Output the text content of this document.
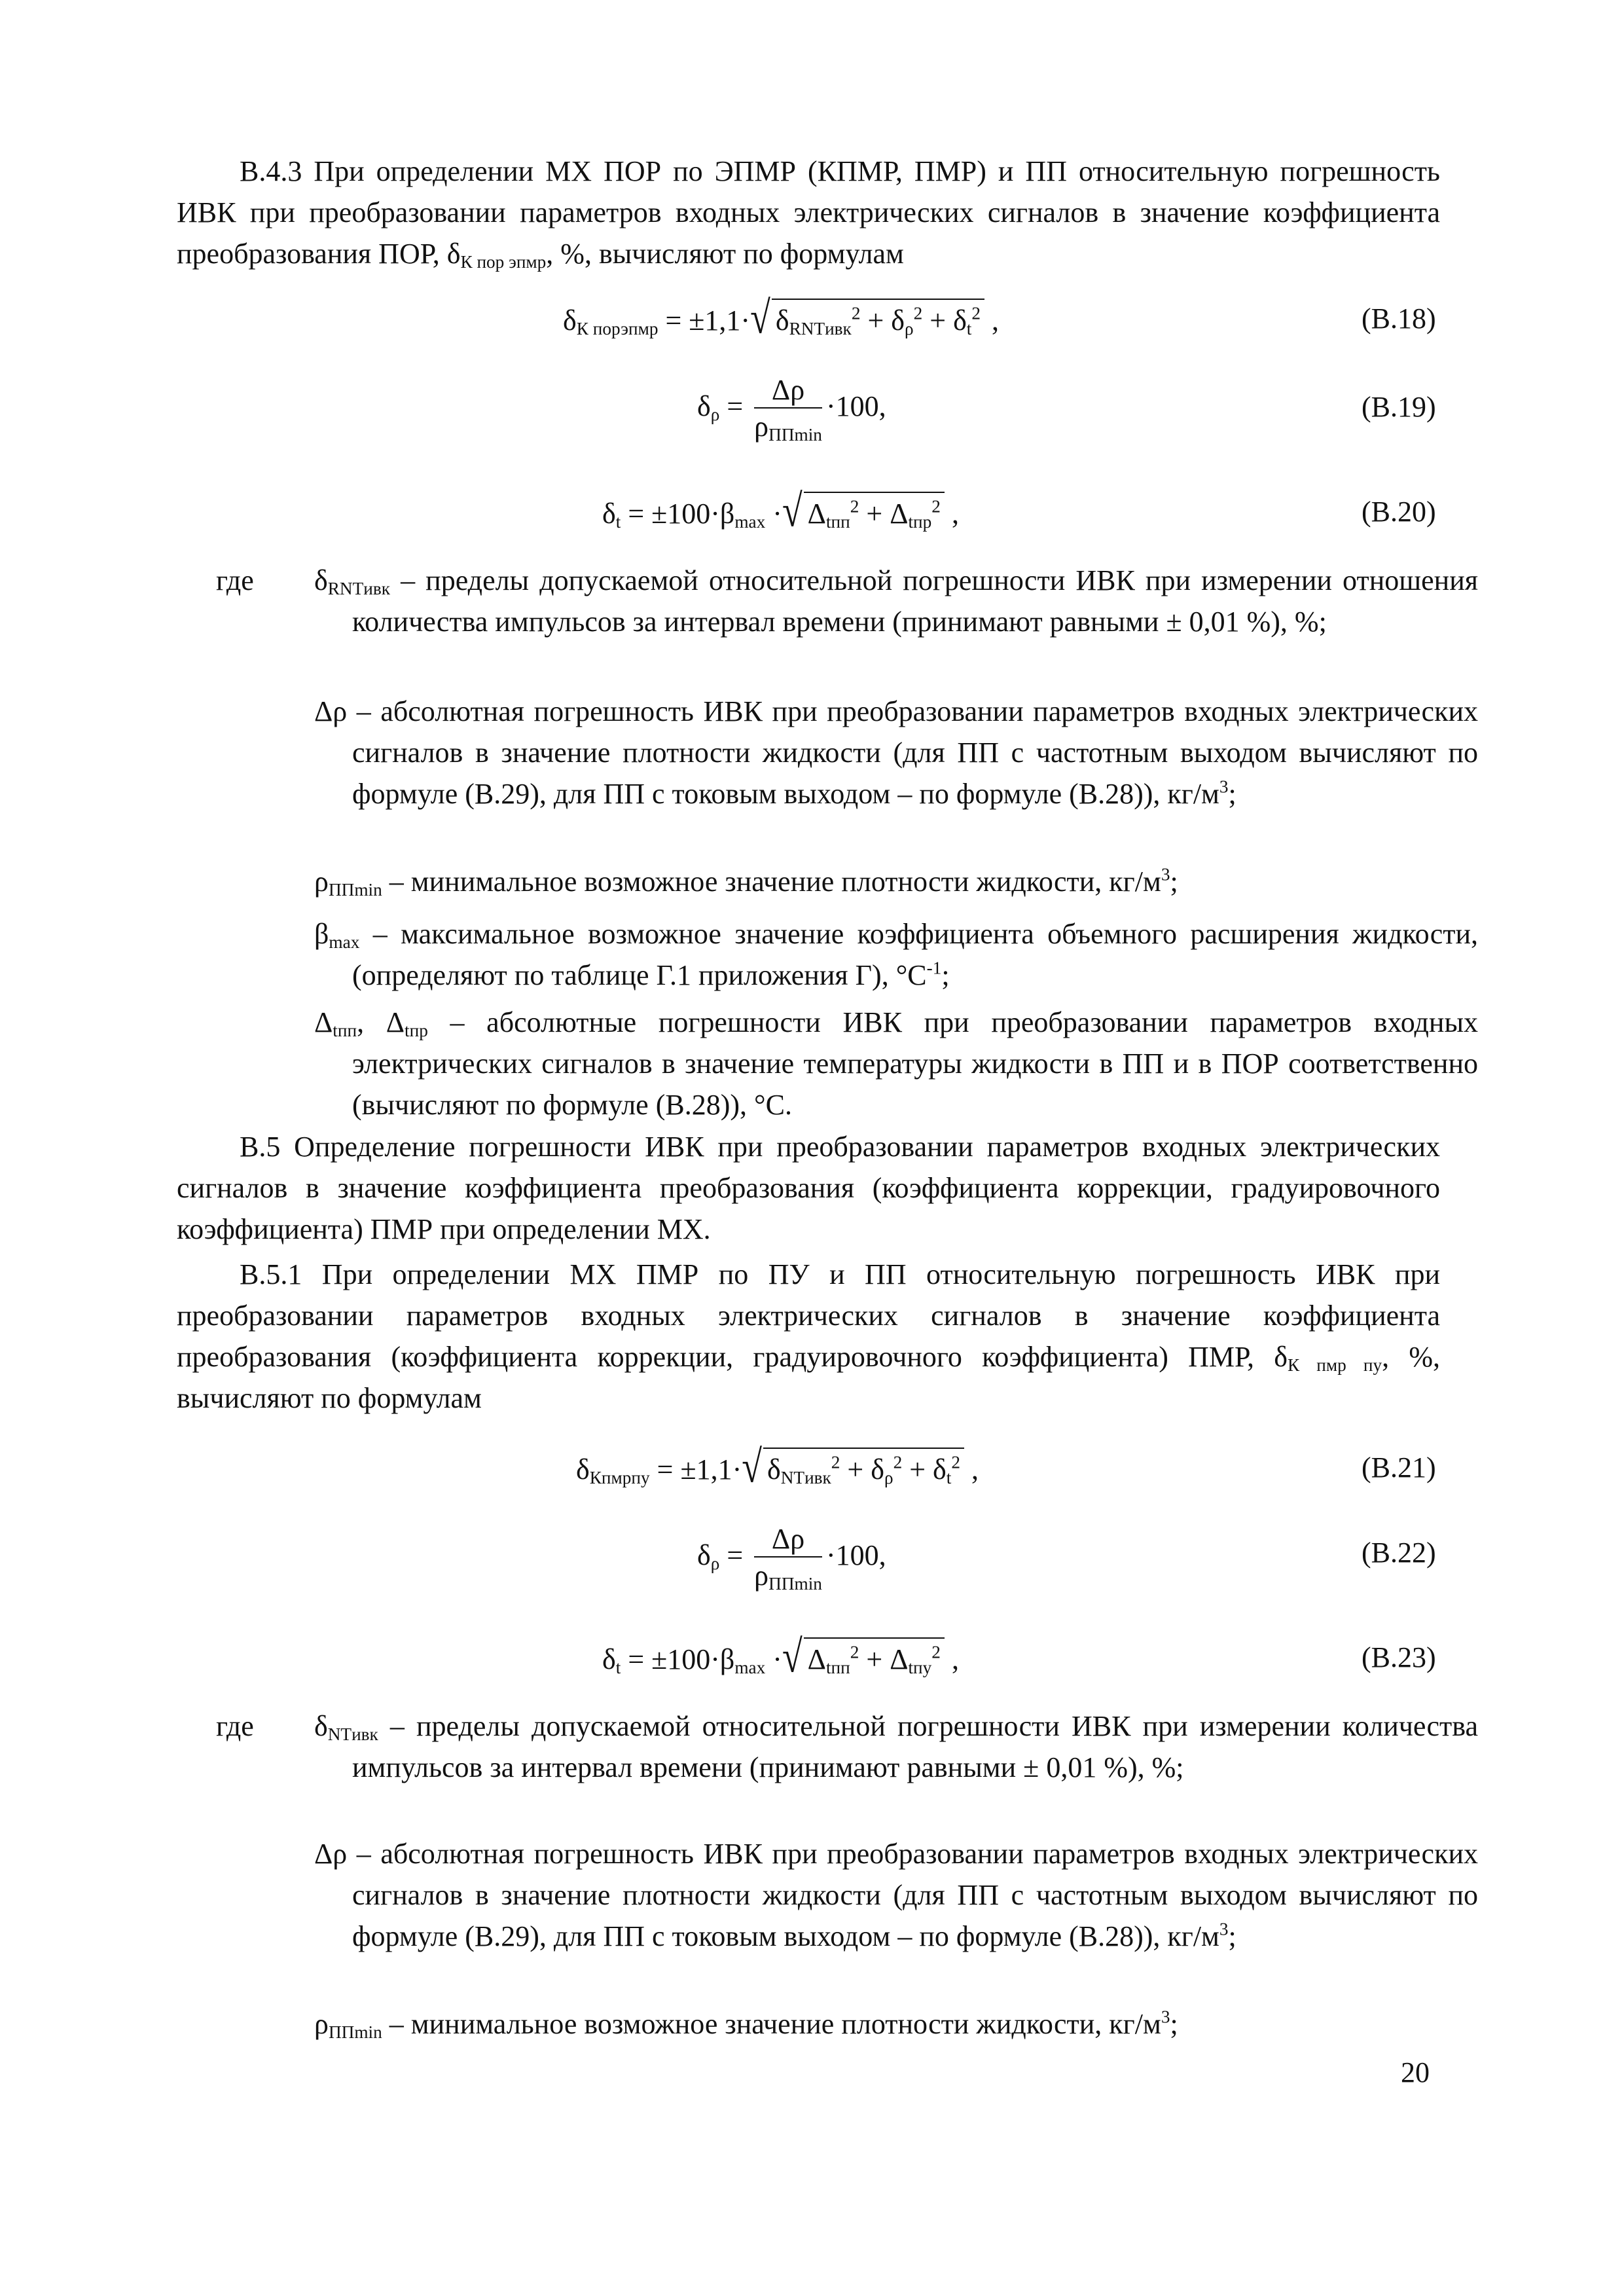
В.4.3 При определении МХ ПОР по ЭПМР (КПМР, ПМР) и ПП относительную погрешность ИВК при преобразовании параметров входных электрических сигналов в значение коэффициента преобразования ПОР, $\delta_{К пор эпмр}$, %, вычисляют по формулам

$\delta_{К порэпмр} = \pm 1,1\cdot√$ $\delta_{RNTивк}^2 + \delta_\rho^2 + \delta_t^2$ ,	(В.18)
$\delta_\rho = \frac{\Delta\rho}{\rho_{ППmin}} \cdot 100$,	(В.19)
$\delta_t = \pm 100\cdot\beta_{max}$ ·√ $\Delta_{tпп}^2 + \Delta_{tпр}^2$ ,	(В.20)
где $\delta_{RNTивк}$ – пределы допускаемой относительной погрешности ИВК при измерении отношения количества импульсов за интервал времени (принимают равными ± 0,01 %), %;

Δρ – абсолютная погрешность ИВК при преобразовании параметров входных электрических сигналов в значение плотности жидкости (для ПП с частотным выходом вычисляют по формуле (В.29), для ПП с токовым выходом – по формуле (В.28)), $кг/м^3$;

$\rho_{ППmin}$ – минимальное возможное значение плотности жидкости, $кг/м^3$;

$\beta_{max}$ – максимальное возможное значение коэффициента объемного расширения жидкости, (определяют по таблице Г.1 приложения Г), $^\circ С^{-1}$;

$\Delta_{tпп}$, $\Delta_{tпр}$ – абсолютные погрешности ИВК при преобразовании параметров входных электрических сигналов в значение температуры жидкости в ПП и в ПОР соответственно (вычисляют по формуле (В.28)), °С.

В.5 Определение погрешности ИВК при преобразовании параметров входных электрических сигналов в значение коэффициента преобразования (коэффициента коррекции, градуировочного коэффициента) ПМР при определении МХ.

В.5.1 При определении МХ ПМР по ПУ и ПП относительную погрешность ИВК при преобразовании параметров входных электрических сигналов в значение коэффициента преобразования (коэффициента коррекции, градуировочного коэффициента) ПМР, $\delta_{К пмр пу}$, %, вычисляют по формулам

$\delta_{Кпмрпу} = \pm 1,1\cdot√$ $\delta_{NTивк}^2 + \delta_\rho^2 + \delta_t^2$ ,	(В.21)
$\delta_\rho = \frac{\Delta\rho}{\rho_{ППmin}} \cdot 100$,	(В.22)
$\delta_t = \pm 100\cdot\beta_{max}$ ·√ $\Delta_{tпп}^2 + \Delta_{tпу}^2$ ,	(В.23)
где $\delta_{NTивк}$ – пределы допускаемой относительной погрешности ИВК при измерении количества импульсов за интервал времени (принимают равными ± 0,01 %), %;

Δρ – абсолютная погрешность ИВК при преобразовании параметров входных электрических сигналов в значение плотности жидкости (для ПП с частотным выходом вычисляют по формуле (В.29), для ПП с токовым выходом – по формуле (В.28)), $кг/м^3$;

$\rho_{ППmin}$ – минимальное возможное значение плотности жидкости, $кг/м^3$;

20
